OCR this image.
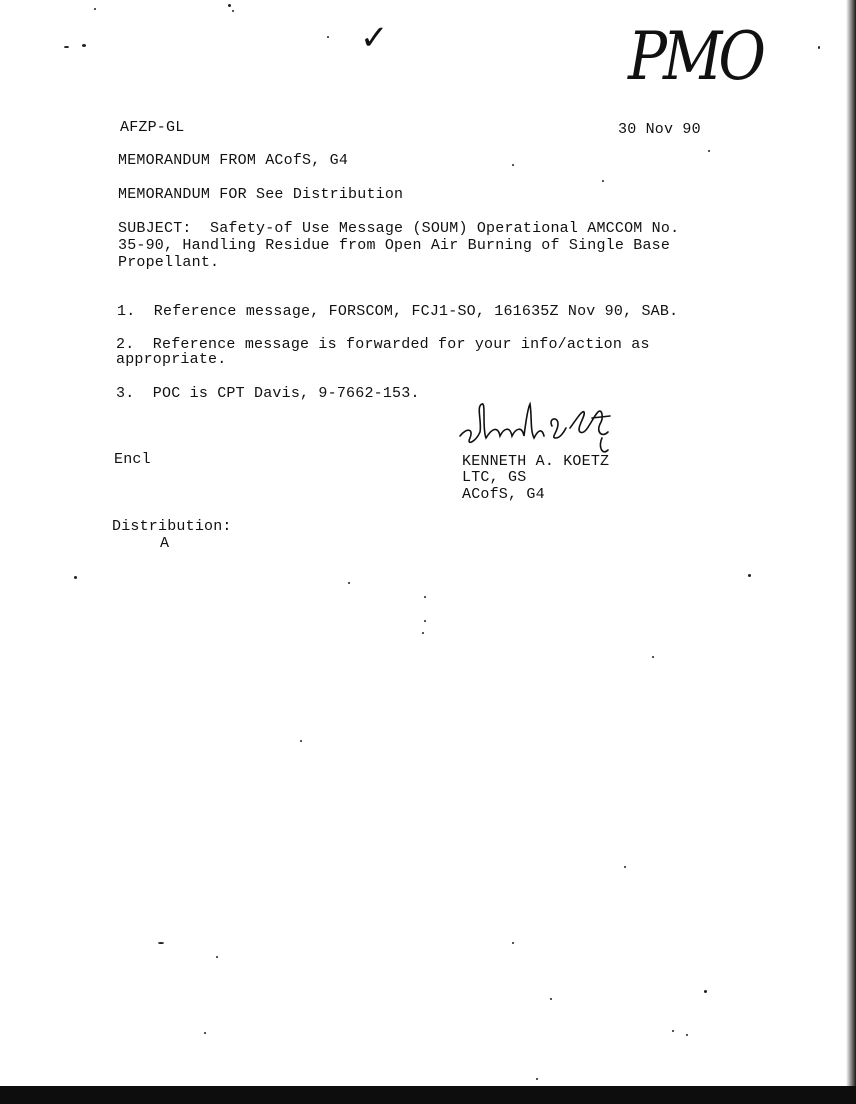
PMO
✓
AFZP-GL	30 Nov 90
MEMORANDUM FROM ACofS, G4
MEMORANDUM FOR See Distribution
SUBJECT:  Safety-of Use Message (SOUM) Operational AMCCOM No.
35-90, Handling Residue from Open Air Burning of Single Base
Propellant.
1.  Reference message, FORSCOM, FCJ1-SO, 161635Z Nov 90, SAB.
2.  Reference message is forwarded for your info/action as
appropriate.
3.  POC is CPT Davis, 9-7662-153.
KENNETH A. KOETZ
LTC, GS
ACofS, G4
Encl
Distribution:
A
